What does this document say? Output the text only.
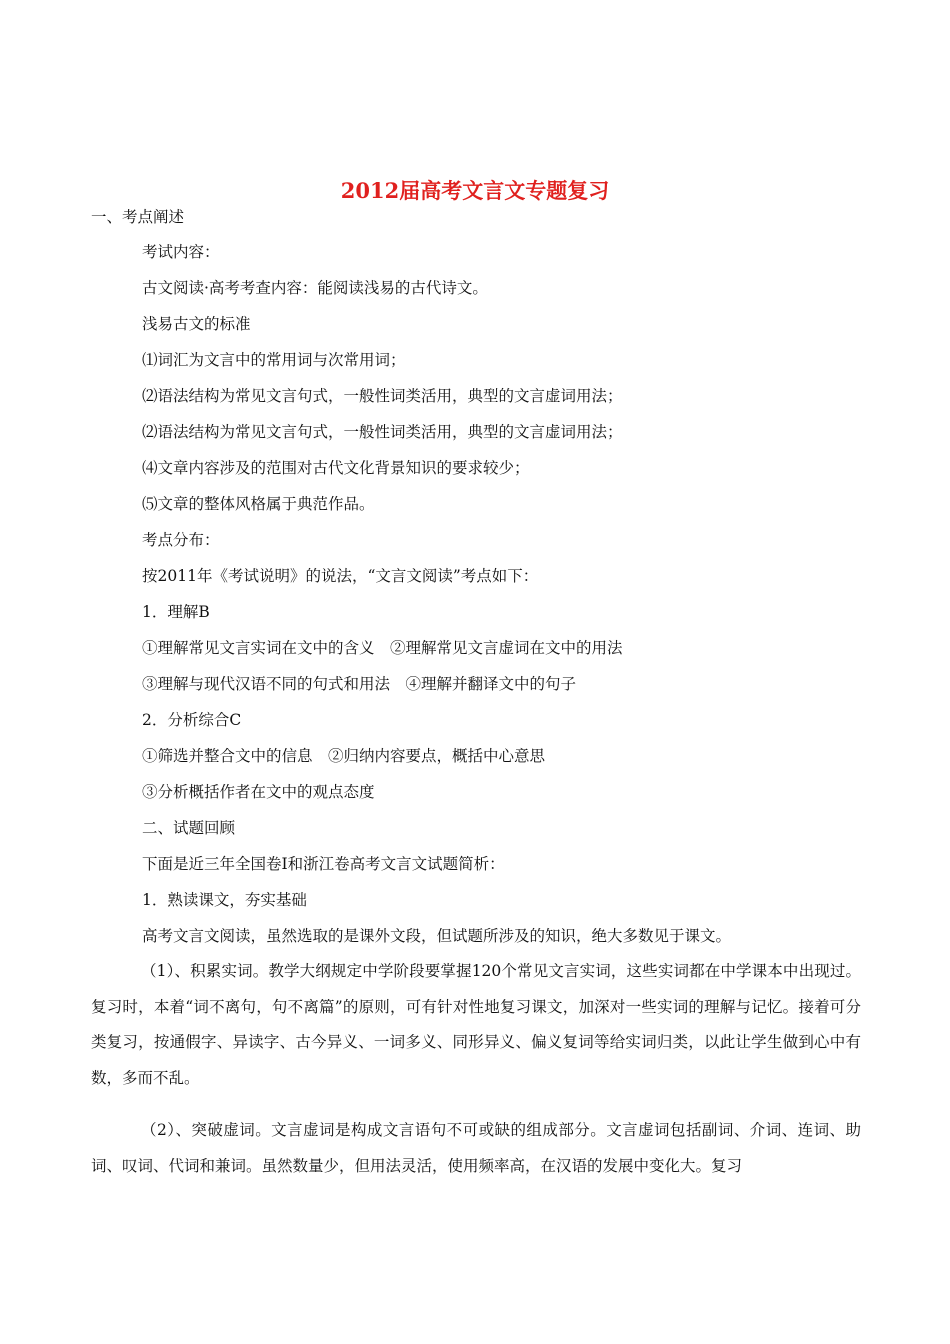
2012届高考文言文专题复习

一、考点阐述

考试内容：

古文阅读·高考考查内容：能阅读浅易的古代诗文。

浅易古文的标准

⑴词汇为文言中的常用词与次常用词；

⑵语法结构为常见文言句式，一般性词类活用，典型的文言虚词用法；

⑵语法结构为常见文言句式，一般性词类活用，典型的文言虚词用法；

⑷文章内容涉及的范围对古代文化背景知识的要求较少；

⑸文章的整体风格属于典范作品。

考点分布：

按2011年《考试说明》的说法，“文言文阅读”考点如下：

1．理解B

①理解常见文言实词在文中的含义　②理解常见文言虚词在文中的用法

③理解与现代汉语不同的句式和用法　④理解并翻译文中的句子

2．分析综合C

①筛选并整合文中的信息　②归纳内容要点，概括中心意思

③分析概括作者在文中的观点态度

二、试题回顾

下面是近三年全国卷Ⅰ和浙江卷高考文言文试题简析：

1．熟读课文，夯实基础

高考文言文阅读，虽然选取的是课外文段，但试题所涉及的知识，绝大多数见于课文。

（1）、积累实词。教学大纲规定中学阶段要掌握120个常见文言实词，这些实词都在中学课本中出现过。复习时，本着“词不离句，句不离篇”的原则，可有针对性地复习课文，加深对一些实词的理解与记忆。接着可分类复习，按通假字、异读字、古今异义、一词多义、同形异义、偏义复词等给实词归类，以此让学生做到心中有数，多而不乱。

（2）、突破虚词。文言虚词是构成文言语句不可或缺的组成部分。文言虚词包括副词、介词、连词、助词、叹词、代词和兼词。虽然数量少，但用法灵活，使用频率高，在汉语的发展中变化大。复习
